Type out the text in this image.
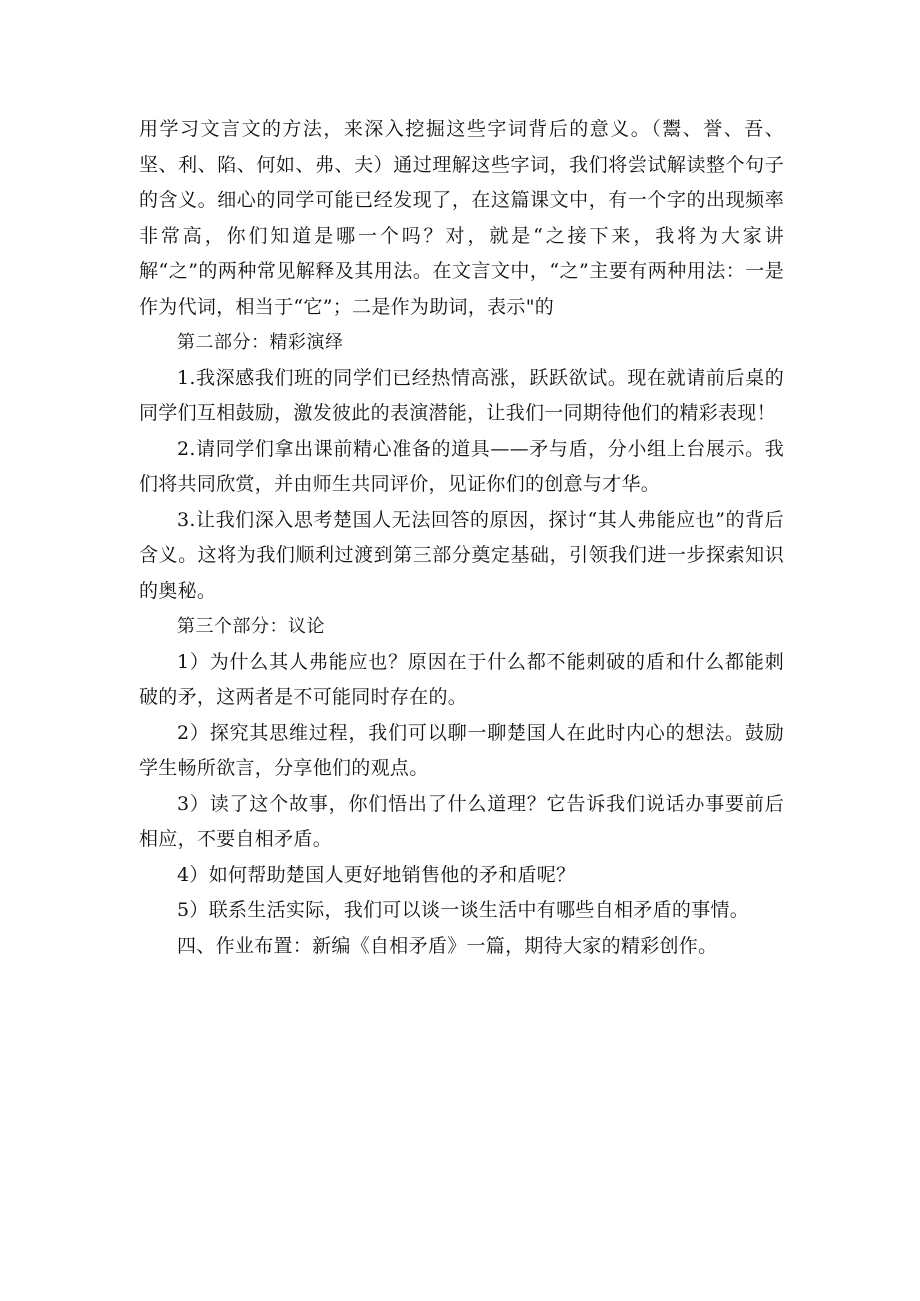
用学习文言文的方法，来深入挖掘这些字词背后的意义。（鬻、誉、吾、坚、利、陷、何如、弗、夫）通过理解这些字词，我们将尝试解读整个句子的含义。细心的同学可能已经发现了，在这篇课文中，有一个字的出现频率非常高，你们知道是哪一个吗？对，就是“之接下来，我将为大家讲解“之”的两种常见解释及其用法。在文言文中，“之”主要有两种用法：一是作为代词，相当于“它”；二是作为助词，表示"的

第二部分：精彩演绎

1.我深感我们班的同学们已经热情高涨，跃跃欲试。现在就请前后桌的同学们互相鼓励，激发彼此的表演潜能，让我们一同期待他们的精彩表现！

2.请同学们拿出课前精心准备的道具——矛与盾，分小组上台展示。我们将共同欣赏，并由师生共同评价，见证你们的创意与才华。

3.让我们深入思考楚国人无法回答的原因，探讨“其人弗能应也”的背后含义。这将为我们顺利过渡到第三部分奠定基础，引领我们进一步探索知识的奥秘。

第三个部分：议论

1）为什么其人弗能应也？原因在于什么都不能刺破的盾和什么都能刺破的矛，这两者是不可能同时存在的。

2）探究其思维过程，我们可以聊一聊楚国人在此时内心的想法。鼓励学生畅所欲言，分享他们的观点。

3）读了这个故事，你们悟出了什么道理？它告诉我们说话办事要前后相应，不要自相矛盾。

4）如何帮助楚国人更好地销售他的矛和盾呢？

5）联系生活实际，我们可以谈一谈生活中有哪些自相矛盾的事情。

四、作业布置：新编《自相矛盾》一篇，期待大家的精彩创作。
